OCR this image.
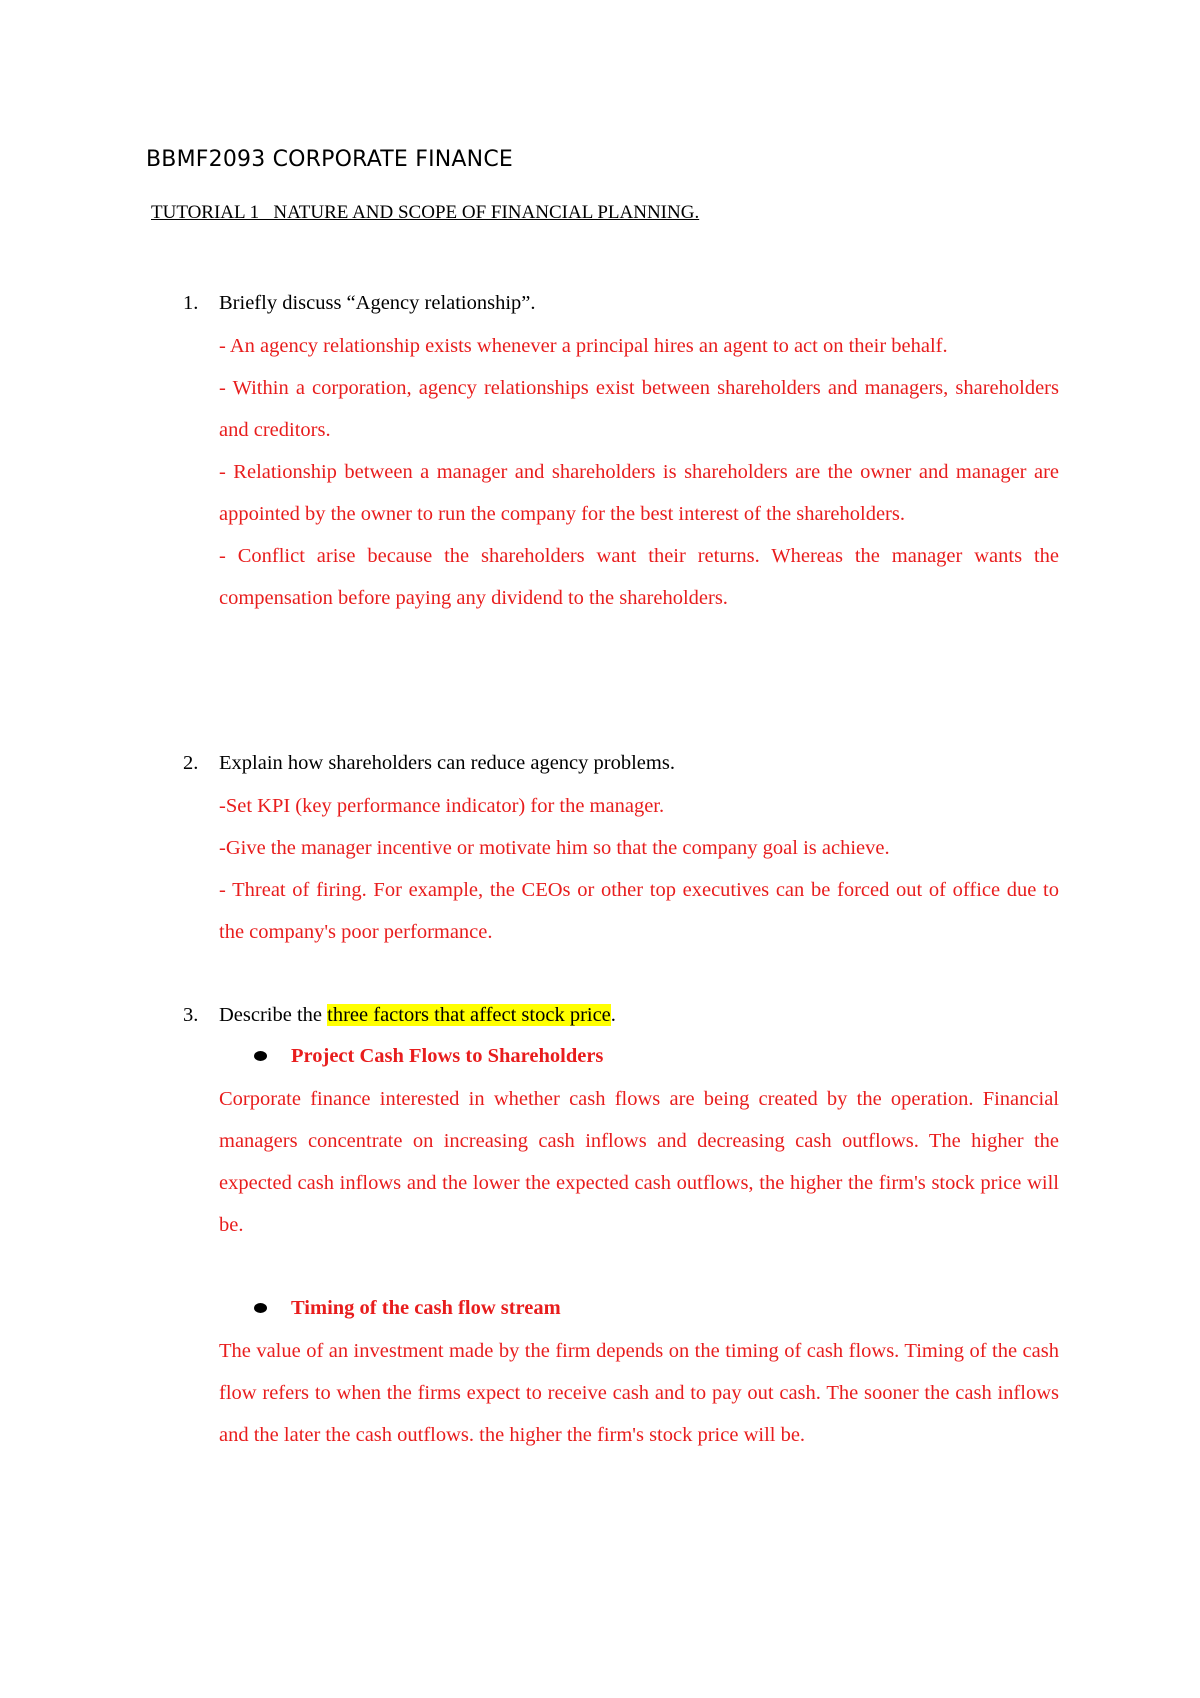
BBMF2093 CORPORATE FINANCE
TUTORIAL 1   NATURE AND SCOPE OF FINANCIAL PLANNING.
1. Briefly discuss “Agency relationship”.

- An agency relationship exists whenever a principal hires an agent to act on their behalf.

- Within a corporation, agency relationships exist between shareholders and managers, shareholders and creditors.

- Relationship between a manager and shareholders is shareholders are the owner and manager are appointed by the owner to run the company for the best interest of the shareholders.

- Conflict arise because the shareholders want their returns. Whereas the manager wants the compensation before paying any dividend to the shareholders.

2. Explain how shareholders can reduce agency problems.

-Set KPI (key performance indicator) for the manager.

-Give the manager incentive or motivate him so that the company goal is achieve.

- Threat of firing. For example, the CEOs or other top executives can be forced out of office due to the company's poor performance.

3. Describe the three factors that affect stock price.
Project Cash Flows to Shareholders
Corporate finance interested in whether cash flows are being created by the operation. Financial managers concentrate on increasing cash inflows and decreasing cash outflows. The higher the expected cash inflows and the lower the expected cash outflows, the higher the firm's stock price will be.
Timing of the cash flow stream
The value of an investment made by the firm depends on the timing of cash flows. Timing of the cash flow refers to when the firms expect to receive cash and to pay out cash. The sooner the cash inflows and the later the cash outflows. the higher the firm's stock price will be.
